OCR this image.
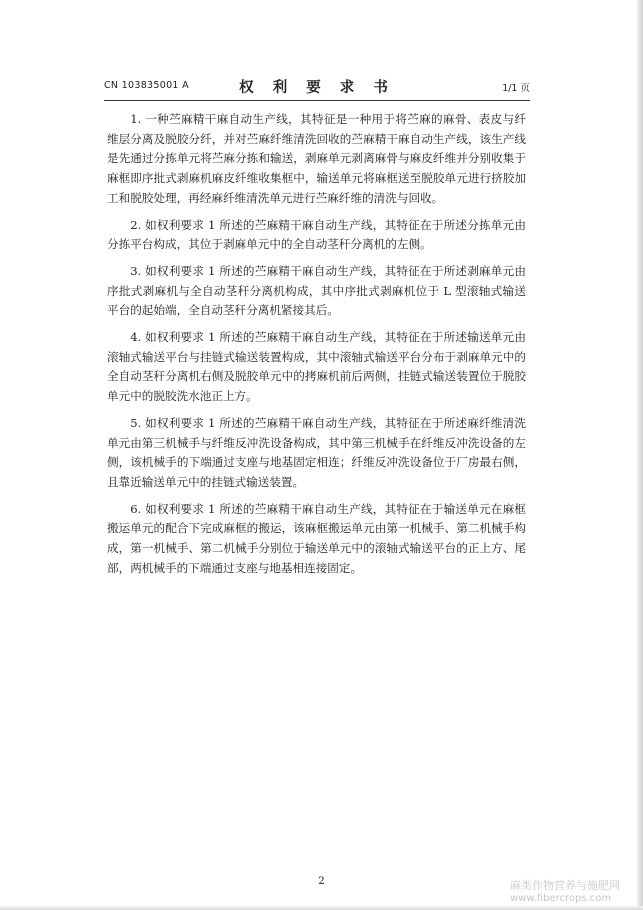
CN 103835001 A	权 利 要 求 书	1/1 页

1. 一种苎麻精干麻自动生产线，其特征是一种用于将苎麻的麻骨、表皮与纤维层分离及脱胶分纤，并对苎麻纤维清洗回收的苎麻精干麻自动生产线，该生产线是先通过分拣单元将苎麻分拣和输送，剥麻单元剥离麻骨与麻皮纤维并分别收集于麻框即序批式剥麻机麻皮纤维收集框中，输送单元将麻框送至脱胶单元进行挤胶加工和脱胶处理，再经麻纤维清洗单元进行苎麻纤维的清洗与回收。

2. 如权利要求 1 所述的苎麻精干麻自动生产线，其特征在于所述分拣单元由分拣平台构成，其位于剥麻单元中的全自动茎秆分离机的左侧。

3. 如权利要求 1 所述的苎麻精干麻自动生产线，其特征在于所述剥麻单元由序批式剥麻机与全自动茎秆分离机构成，其中序批式剥麻机位于 L 型滚轴式输送平台的起始端，全自动茎秆分离机紧接其后。

4. 如权利要求 1 所述的苎麻精干麻自动生产线，其特征在于所述输送单元由滚轴式输送平台与挂链式输送装置构成，其中滚轴式输送平台分布于剥麻单元中的全自动茎秆分离机右侧及脱胶单元中的拷麻机前后两侧，挂链式输送装置位于脱胶单元中的脱胶洗水池正上方。

5. 如权利要求 1 所述的苎麻精干麻自动生产线，其特征在于所述麻纤维清洗单元由第三机械手与纤维反冲洗设备构成，其中第三机械手在纤维反冲洗设备的左侧，该机械手的下端通过支座与地基固定相连；纤维反冲洗设备位于厂房最右侧，且靠近输送单元中的挂链式输送装置。

6. 如权利要求 1 所述的苎麻精干麻自动生产线，其特征在于输送单元在麻框搬运单元的配合下完成麻框的搬运，该麻框搬运单元由第一机械手、第二机械手构成，第一机械手、第二机械手分别位于输送单元中的滚轴式输送平台的正上方、尾部，两机械手的下端通过支座与地基相连接固定。

2	麻类作物营养与施肥网
www.fibercrops.com
